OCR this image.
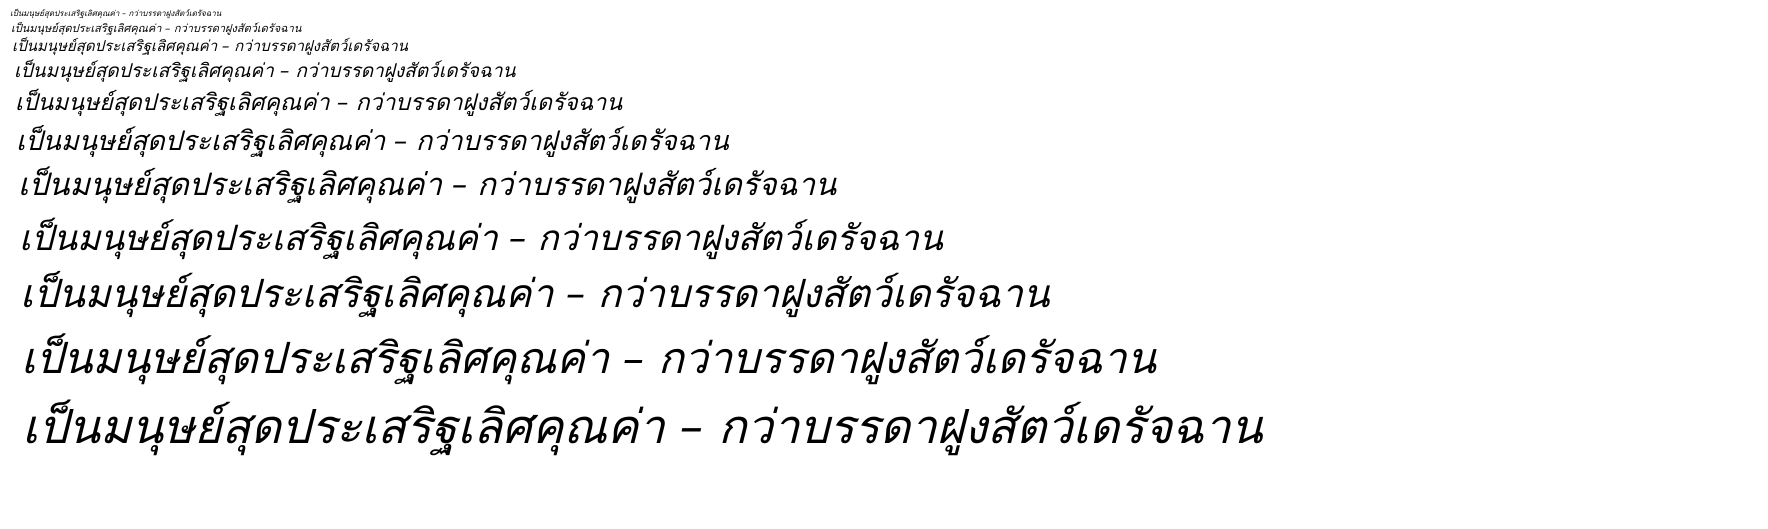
เป็นมนุษย์สุดประเสริฐเลิศคุณค่า – กว่าบรรดาฝูงสัตว์เดรัจฉาน
เป็นมนุษย์สุดประเสริฐเลิศคุณค่า – กว่าบรรดาฝูงสัตว์เดรัจฉาน
เป็นมนุษย์สุดประเสริฐเลิศคุณค่า – กว่าบรรดาฝูงสัตว์เดรัจฉาน
เป็นมนุษย์สุดประเสริฐเลิศคุณค่า – กว่าบรรดาฝูงสัตว์เดรัจฉาน
เป็นมนุษย์สุดประเสริฐเลิศคุณค่า – กว่าบรรดาฝูงสัตว์เดรัจฉาน
เป็นมนุษย์สุดประเสริฐเลิศคุณค่า – กว่าบรรดาฝูงสัตว์เดรัจฉาน
เป็นมนุษย์สุดประเสริฐเลิศคุณค่า – กว่าบรรดาฝูงสัตว์เดรัจฉาน
เป็นมนุษย์สุดประเสริฐเลิศคุณค่า – กว่าบรรดาฝูงสัตว์เดรัจฉาน
เป็นมนุษย์สุดประเสริฐเลิศคุณค่า – กว่าบรรดาฝูงสัตว์เดรัจฉาน
เป็นมนุษย์สุดประเสริฐเลิศคุณค่า – กว่าบรรดาฝูงสัตว์เดรัจฉาน
เป็นมนุษย์สุดประเสริฐเลิศคุณค่า – กว่าบรรดาฝูงสัตว์เดรัจฉาน
